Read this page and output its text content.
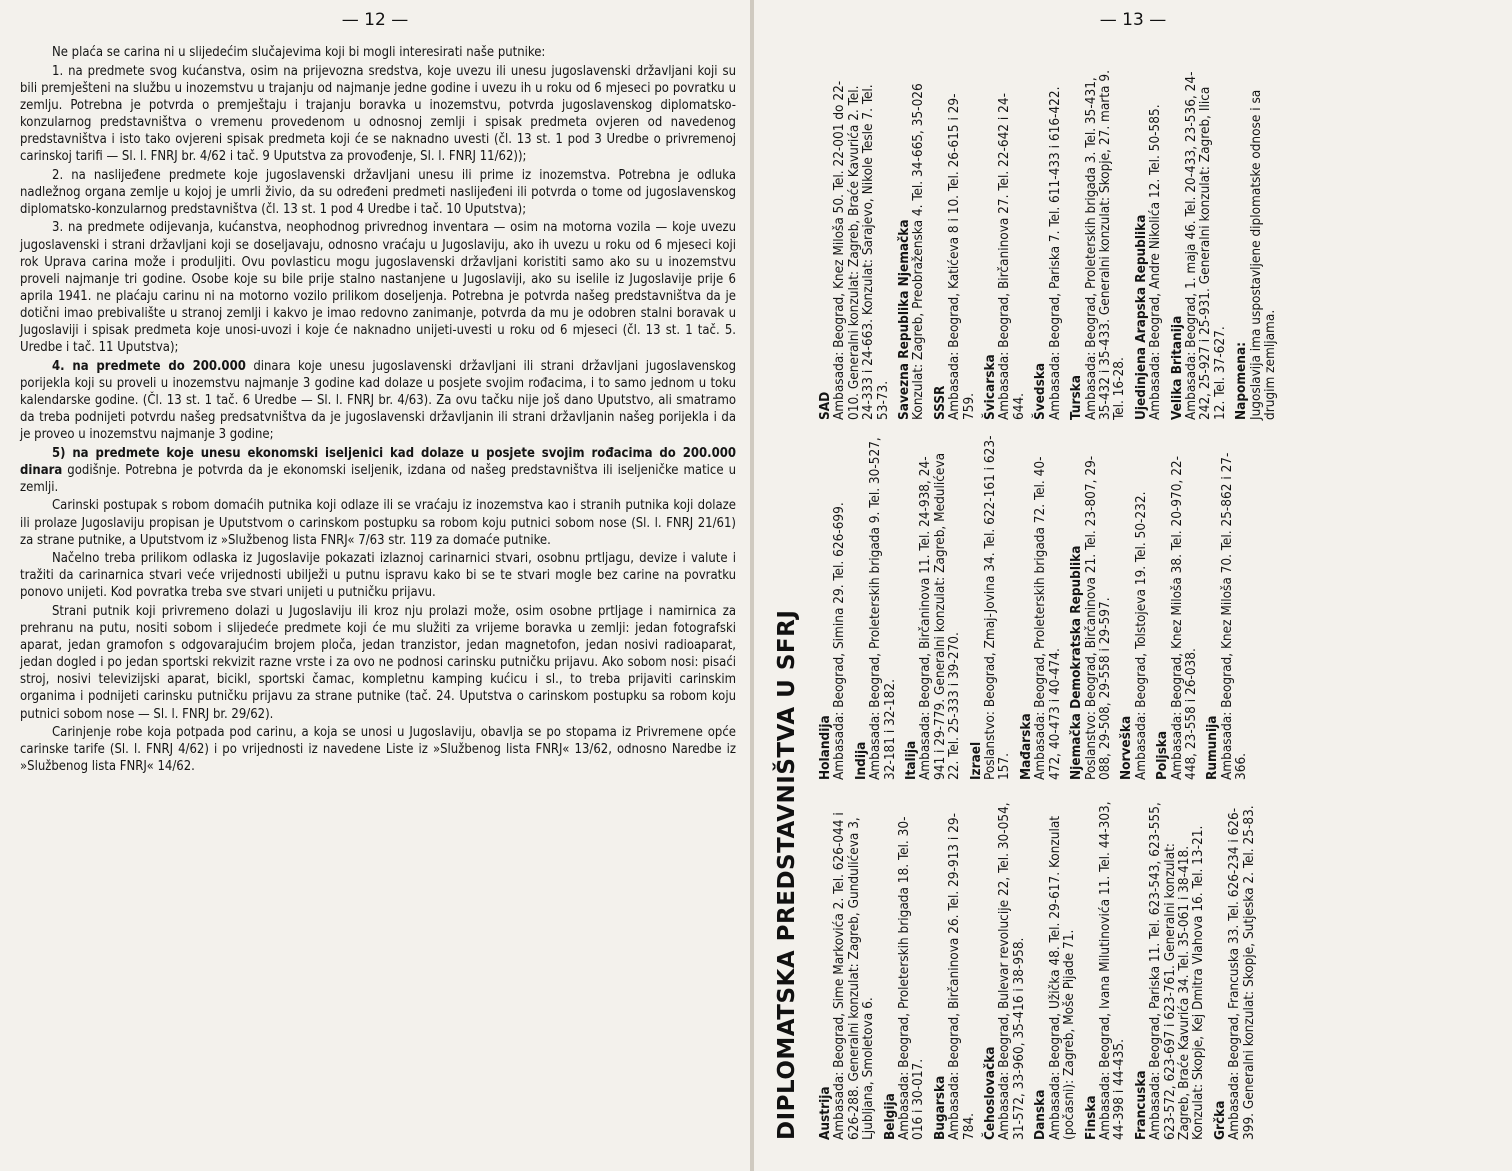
— 12 —

Ne plaća se carina ni u slijedećim slučajevima koji bi mogli interesirati naše putnike:

1. na predmete svog kućanstva, osim na prijevozna sredstva, koje uvezu ili unesu jugoslavenski državljani koji su bili premješteni na službu u inozemstvu u trajanju od najmanje jedne godine i uvezu ih u roku od 6 mjeseci po povratku u zemlju. Potrebna je potvrda o premještaju i trajanju boravka u inozemstvu, potvrda jugoslavenskog diplomatsko-konzularnog predstavništva o vremenu provedenom u odnosnoj zemlji i spisak predmeta ovjeren od navedenog predstavništva i isto tako ovjereni spisak predmeta koji će se naknadno uvesti (čl. 13 st. 1 pod 3 Uredbe o privremenoj carinskoj tarifi — Sl. l. FNRJ br. 4/62 i tač. 9 Uputstva za provođenje, Sl. l. FNRJ 11/62));

2. na naslijeđene predmete koje jugoslavenski državljani unesu ili prime iz inozemstva. Potrebna je odluka nadležnog organa zemlje u kojoj je umrli živio, da su određeni predmeti naslijeđeni ili potvrda o tome od jugoslavenskog diplomatsko-konzularnog predstavništva (čl. 13 st. 1 pod 4 Uredbe i tač. 10 Uputstva);

3. na predmete odijevanja, kućanstva, neophodnog privrednog inventara — osim na motorna vozila — koje uvezu jugoslavenski i strani državljani koji se doseljavaju, odnosno vraćaju u Jugoslaviju, ako ih uvezu u roku od 6 mjeseci koji rok Uprava carina može i produljiti. Ovu povlasticu mogu jugoslavenski državljani koristiti samo ako su u inozemstvu proveli najmanje tri godine. Osobe koje su bile prije stalno nastanjene u Jugoslaviji, ako su iselile iz Jugoslavije prije 6 aprila 1941. ne plaćaju carinu ni na motorno vozilo prilikom doseljenja. Potrebna je potvrda našeg predstavništva da je dotični imao prebivalište u stranoj zemlji i kakvo je imao redovno zanimanje, potvrda da mu je odobren stalni boravak u Jugoslaviji i spisak predmeta koje unosi-uvozi i koje će naknadno unijeti-uvesti u roku od 6 mjeseci (čl. 13 st. 1 tač. 5. Uredbe i tač. 11 Uputstva);

4. na predmete do 200.000 dinara koje unesu jugoslavenski državljani ili strani državljani jugoslavenskog porijekla koji su proveli u inozemstvu najmanje 3 godine kad dolaze u posjete svojim rođacima, i to samo jednom u toku kalendarske godine. (Čl. 13 st. 1 tač. 6 Uredbe — Sl. l. FNRJ br. 4/63). Za ovu tačku nije još dano Uputstvo, ali smatramo da treba podnijeti potvrdu našeg predsatvništva da je jugoslavenski državljanin ili strani državljanin našeg porijekla i da je proveo u inozemstvu najmanje 3 godine;

5) na predmete koje unesu ekonomski iseljenici kad dolaze u posjete svojim rođacima do 200.000 dinara godišnje. Potrebna je potvrda da je ekonomski iseljenik, izdana od našeg predstavništva ili iseljeničke matice u zemlji.

Carinski postupak s robom domaćih putnika koji odlaze ili se vraćaju iz inozemstva kao i stranih putnika koji dolaze ili prolaze Jugoslaviju propisan je Uputstvom o carinskom postupku sa robom koju putnici sobom nose (Sl. l. FNRJ 21/61) za strane putnike, a Uputstvom iz »Službenog lista FNRJ« 7/63 str. 119 za domaće putnike.

Načelno treba prilikom odlaska iz Jugoslavije pokazati izlaznoj carinarnici stvari, osobnu prtljagu, devize i valute i tražiti da carinarnica stvari veće vrijednosti ubilježi u putnu ispravu kako bi se te stvari mogle bez carine na povratku ponovo unijeti. Kod povratka treba sve stvari unijeti u putničku prijavu.

Strani putnik koji privremeno dolazi u Jugoslaviju ili kroz nju prolazi može, osim osobne prtljage i namirnica za prehranu na putu, nositi sobom i slijedeće predmete koji će mu služiti za vrijeme boravka u zemlji: jedan fotografski aparat, jedan gramofon s odgovarajućim brojem ploča, jedan tranzistor, jedan magnetofon, jedan nosivi radioaparat, jedan dogled i po jedan sportski rekvizit razne vrste i za ovo ne podnosi carinsku putničku prijavu. Ako sobom nosi: pisaći stroj, nosivi televizijski aparat, bicikl, sportski čamac, kompletnu kamping kućicu i sl., to treba prijaviti carinskim organima i podnijeti carinsku putničku prijavu za strane putnike (tač. 24. Uputstva o carinskom postupku sa robom koju putnici sobom nose — Sl. l. FNRJ br. 29/62).

Carinjenje robe koja potpada pod carinu, a koja se unosi u Jugoslaviju, obavlja se po stopama iz Privremene opće carinske tarife (Sl. l. FNRJ 4/62) i po vrijednosti iz navedene Liste iz »Službenog lista FNRJ« 13/62, odnosno Naredbe iz »Službenog lista FNRJ« 14/62.

— 13 —
DIPLOMATSKA PREDSTAVNIŠTVA U SFRJ Austrija
Ambasada: Beograd, Sime Markovića 2. Tel. 626-044 i 626-288. Generalni konzulat: Zagreb, Gundulićeva 3, Ljubljana, Smoletova 6. Belgija
Ambasada: Beograd, Proleterskih brigada 18. Tel. 30-016 i 30-017. Bugarska
Ambasada: Beograd, Birčaninova 26. Tel. 29-913 i 29-784. Čehoslovačka
Ambasada: Beograd, Bulevar revolucije 22, Tel. 30-054, 31-572, 33-960, 35-416 i 38-958. Danska
Ambasada: Beograd, Užička 48. Tel. 29-617. Konzulat (počasni): Zagreb, Moše Pijade 71. Finska
Ambasada: Beograd, Ivana Milutinovića 11. Tel. 44-303, 44-398 i 44-435. Francuska
Ambasada: Beograd, Pariska 11. Tel. 623-543, 623-555, 623-572, 623-697 i 623-761. Generalni konzulat: Zagreb, Braće Kavurića 34. Tel. 35-061 i 38-418. Konzulat: Skopje, Kej Dmitra Vlahova 16. Tel. 13-21. Grčka
Ambasada: Beograd, Francuska 33. Tel. 626-234 i 626-399. Generalni konzulat: Skopje, Sutjeska 2. Tel. 25-83.
Holandija
Ambasada: Beograd, Simina 29. Tel. 626-699. Indija
Ambasada: Beograd, Proleterskih brigada 9. Tel. 30-527, 32-181 i 32-182. Italija
Ambasada: Beograd, Birčaninova 11. Tel. 24-938, 24-941 i 29-779. Generalni konzulat: Zagreb, Medulićeva 22. Tel. 25-333 i 39-270. Izrael
Poslanstvo: Beograd, Zmaj-Jovina 34. Tel. 622-161 i 623-157. Mađarska
Ambasada: Beograd, Proleterskih brigada 72. Tel. 40-472, 40-473 i 40-474. Njemačka Demokratska Republika
Poslanstvo: Beograd, Birčaninova 21. Tel. 23-807, 29-088, 29-508, 29-558 i 29-597. Norveška
Ambasada: Beograd, Tolstojeva 19. Tel. 50-232. Poljska
Ambasada: Beograd, Knez Miloša 38. Tel. 20-970, 22-448, 23-558 i 26-038. Rumunija
Ambasada: Beograd, Knez Miloša 70. Tel. 25-862 i 27-366.
SAD
Ambasada: Beograd, Knez Miloša 50. Tel. 22-001 do 22-010. Generalni konzulat: Zagreb, Braće Kavurića 2. Tel. 24-333 i 24-663. Konzulat: Sarajevo, Nikole Tesle 7. Tel. 53-73. Savezna Republika Njemačka
Konzulat: Zagreb, Preobraženska 4. Tel. 34-665, 35-026 SSSR
Ambasada: Beograd, Katićeva 8 i 10. Tel. 26-615 i 29-759. Švicarska
Ambasada: Beograd, Birčaninova 27. Tel. 22-642 i 24-644. Švedska
Ambasada: Beograd, Pariska 7. Tel. 611-433 i 616-422. Turska
Ambasada: Beograd, Proleterskih brigada 3. Tel. 35-431, 35-432 i 35-433. Generalni konzulat: Skopje, 27. marta 9. Tel. 16-28. Ujedinjena Arapska Republika
Ambasada: Beograd, Andre Nikolića 12. Tel. 50-585. Velika Britanija
Ambasada: Beograd, 1. maja 46. Tel. 20-433, 23-536, 24-242, 25-927 i 25-931. Generalni konzulat: Zagreb, Ilica 12. Tel. 37-627. Napomena:
Jugoslavija ima uspostavljene diplomatske odnose i sa drugim zemljama.
